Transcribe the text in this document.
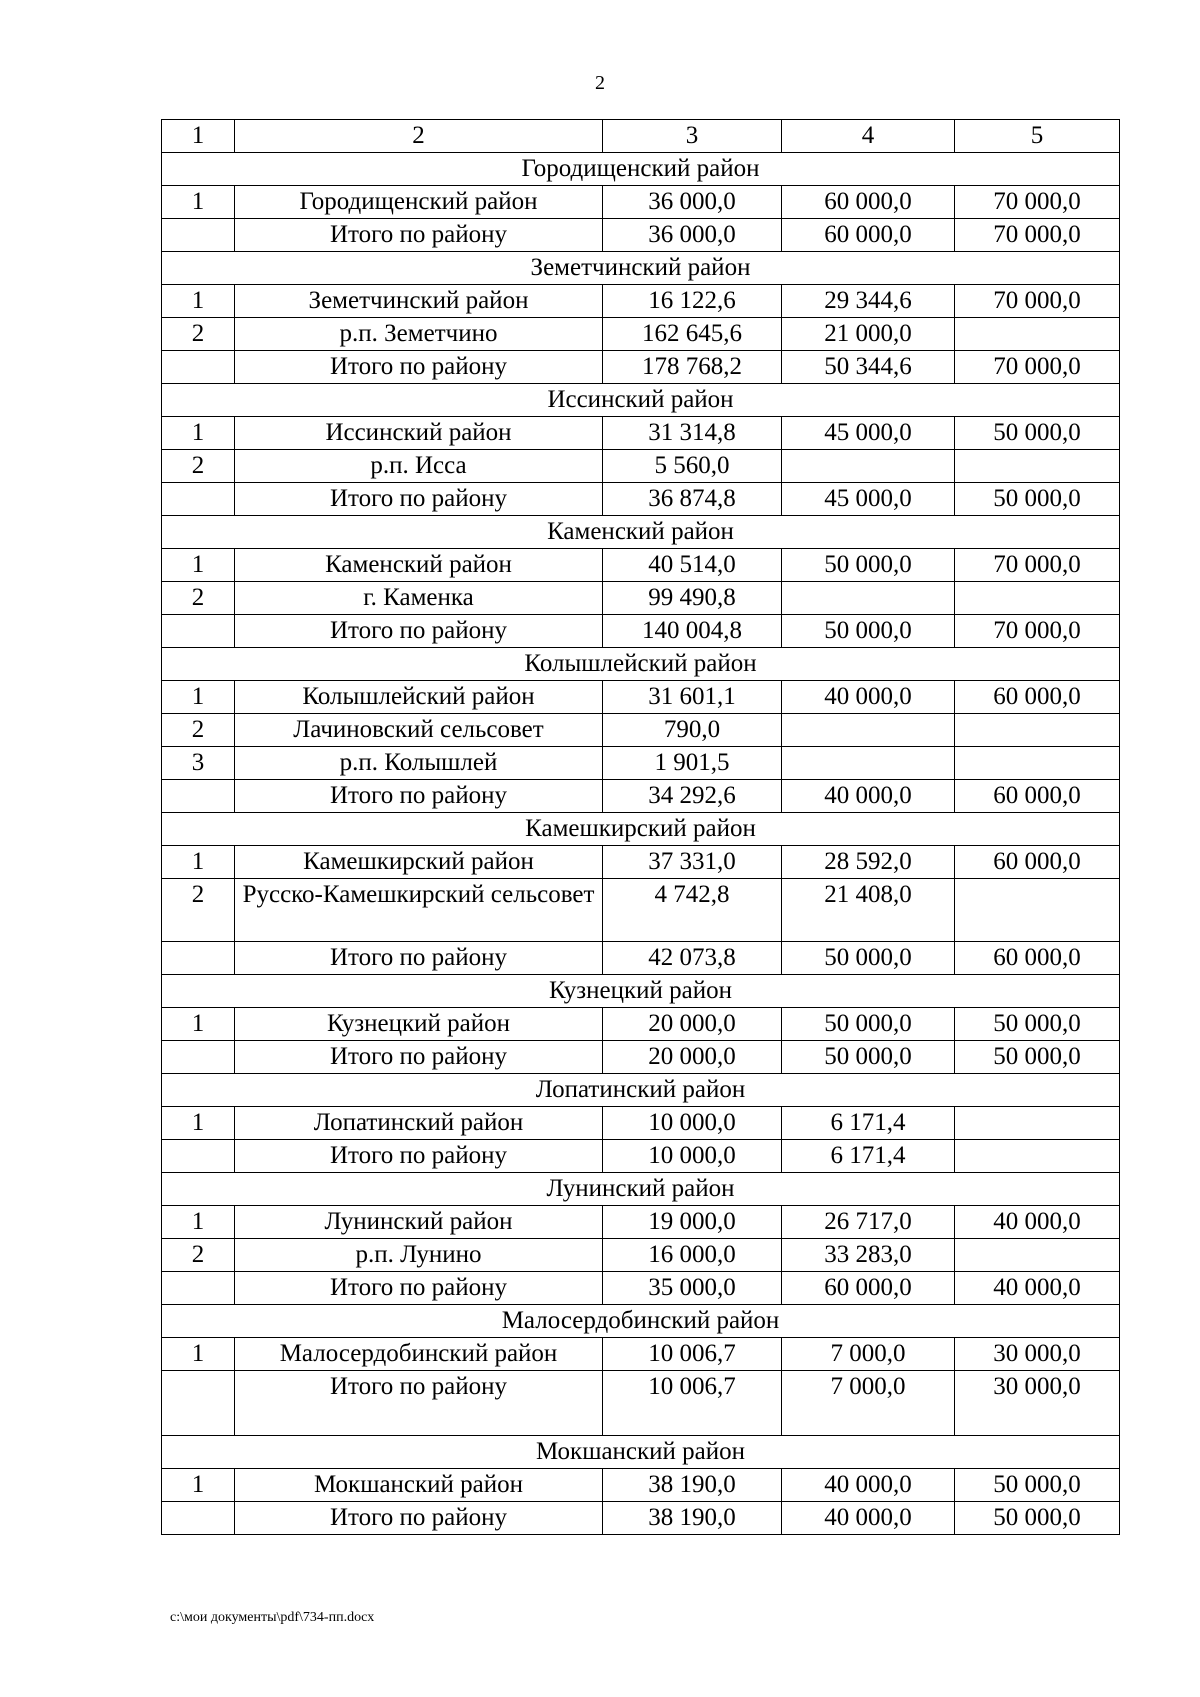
2
1	2	3	4	5
Городищенский район				
1	Городищенский район	36 000,0	60 000,0	70 000,0
	Итого по району	36 000,0	60 000,0	70 000,0
Земетчинский район				
1	Земетчинский район	16 122,6	29 344,6	70 000,0
2	р.п. Земетчино	162 645,6	21 000,0	
	Итого по району	178 768,2	50 344,6	70 000,0
Иссинский район				
1	Иссинский район	31 314,8	45 000,0	50 000,0
2	р.п. Исса	5 560,0		
	Итого по району	36 874,8	45 000,0	50 000,0
Каменский район				
1	Каменский район	40 514,0	50 000,0	70 000,0
2	г. Каменка	99 490,8		
	Итого по району	140 004,8	50 000,0	70 000,0
Колышлейский район				
1	Колышлейский район	31 601,1	40 000,0	60 000,0
2	Лачиновский сельсовет	790,0		
3	р.п. Колышлей	1 901,5		
	Итого по району	34 292,6	40 000,0	60 000,0
Камешкирский район				
1	Камешкирский район	37 331,0	28 592,0	60 000,0
2	Русско-Камешкирский сельсовет	4 742,8	21 408,0	
	Итого по району	42 073,8	50 000,0	60 000,0
Кузнецкий район				
1	Кузнецкий район	20 000,0	50 000,0	50 000,0
	Итого по району	20 000,0	50 000,0	50 000,0
Лопатинский район				
1	Лопатинский район	10 000,0	6 171,4	
	Итого по району	10 000,0	6 171,4	
Лунинский район				
1	Лунинский район	19 000,0	26 717,0	40 000,0
2	р.п. Лунино	16 000,0	33 283,0	
	Итого по району	35 000,0	60 000,0	40 000,0
Малосердобинский район				
1	Малосердобинский район	10 006,7	7 000,0	30 000,0
	Итого по району	10 006,7	7 000,0	30 000,0
Мокшанский район				
1	Мокшанский район	38 190,0	40 000,0	50 000,0
	Итого по району	38 190,0	40 000,0	50 000,0
c:\мои документы\pdf\734-пп.docx
